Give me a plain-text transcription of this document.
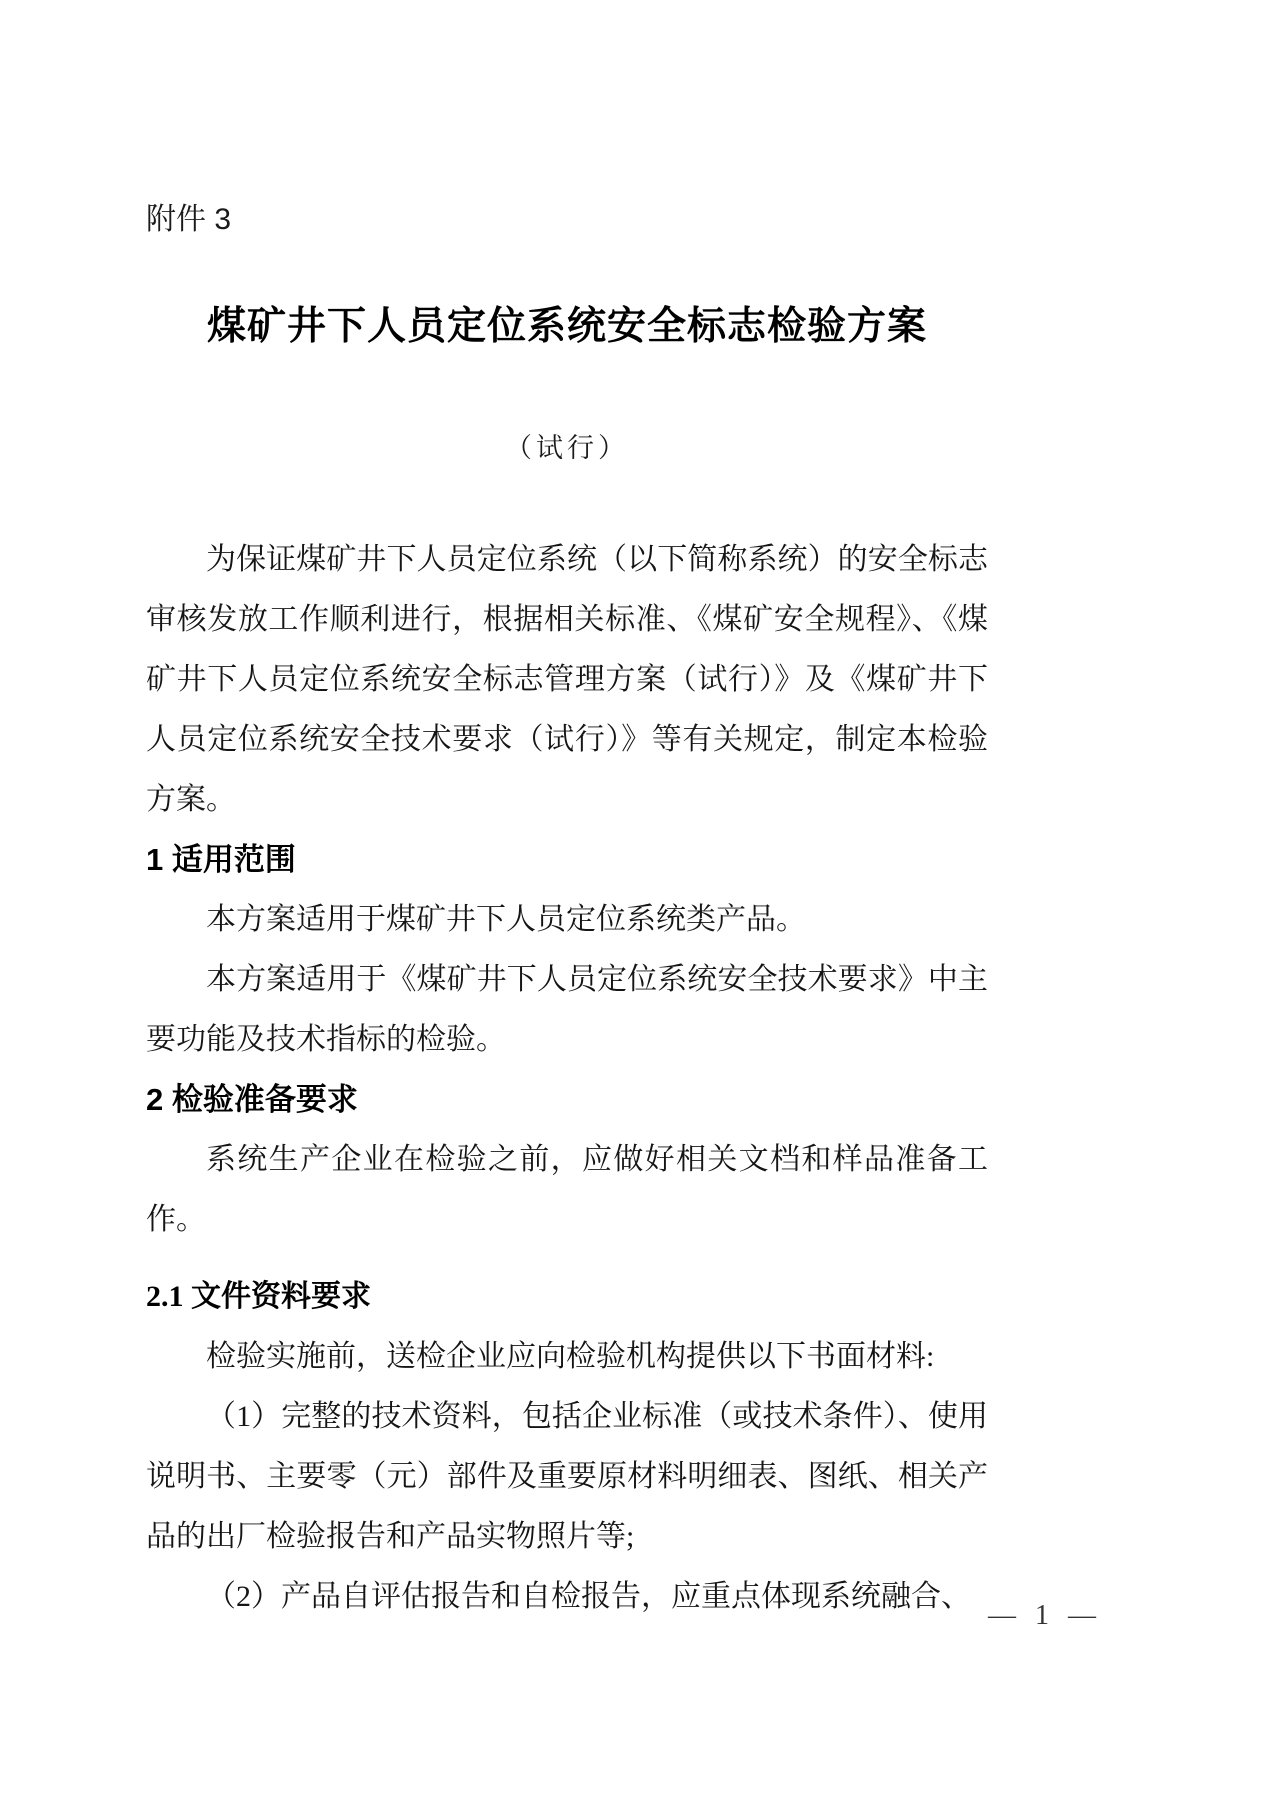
附件 3
煤矿井下人员定位系统安全标志检验方案
（试行）
为保证煤矿井下人员定位系统（以下简称系统）的安全标志审核发放工作顺利进行，根据相关标准、《煤矿安全规程》、《煤矿井下人员定位系统安全标志管理方案（试行）》及《煤矿井下人员定位系统安全技术要求（试行）》等有关规定，制定本检验方案。
1 适用范围
本方案适用于煤矿井下人员定位系统类产品。
本方案适用于《煤矿井下人员定位系统安全技术要求》中主要功能及技术指标的检验。
2 检验准备要求
系统生产企业在检验之前，应做好相关文档和样品准备工作。
2.1 文件资料要求
检验实施前，送检企业应向检验机构提供以下书面材料:
（1）完整的技术资料，包括企业标准（或技术条件）、使用说明书、主要零（元）部件及重要原材料明细表、图纸、相关产品的出厂检验报告和产品实物照片等;
（2）产品自评估报告和自检报告，应重点体现系统融合、
— 1 —
